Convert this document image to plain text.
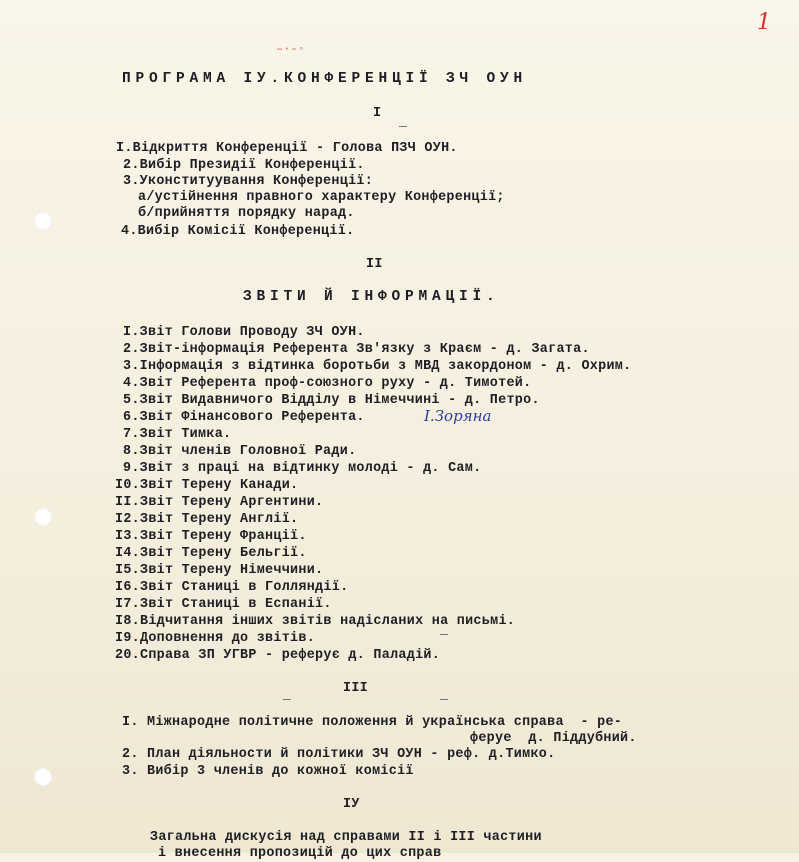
1
–·-◦
ПРОГРАМА ІУ.КОНФЕРЕНЦІЇ ЗЧ ОУН
I
I.Відкриття Конференції - Голова ПЗЧ ОУН.
2.Вибір Президії Конференції.
3.Уконституування Конференції:
а/устійнення правного характеру Конференції;
б/прийняття порядку нарад.
4.Вибір Комісії Конференції.
II
ЗВІТИ Й ІНФОРМАЦІЇ.
I.Звіт Голови Проводу ЗЧ ОУН.
2.Звіт-інформація Референта Зв'язку з Краєм - д. Загата.
3.Інформація з відтинка боротьби з МВД закордоном - д. Охрим.
4.Звіт Референта проф-союзного руху - д. Тимотей.
5.Звіт Видавничого Відділу в Німеччині - д. Петро.
6.Звіт Фінансового Референта.	І.Зоряна
7.Звіт Тимка.
8.Звіт членів Головної Ради.
9.Звіт з праці на відтинку молоді - д. Сам.
I0.Звіт Терену Канади.
II.Звіт Терену Аргентини.
I2.Звіт Терену Англії.
I3.Звіт Терену Франції.
I4.Звіт Терену Бельгії.
I5.Звіт Терену Німеччини.
I6.Звіт Станиці в Голляндії.
I7.Звіт Станиці в Еспанії.
I8.Відчитання інших звітів надісланих на письмі.
I9.Доповнення до звітів.
20.Справа ЗП УГВР - реферує д. Паладій.
III
I. Міжнародне політичне положення й українська справа  - ре-
феруе  д. Піддубний.
2. План діяльности й політики ЗЧ ОУН - реф. д.Тимко.
3. Вибір 3 членів до кожної комісії
ІУ
Загальна дискусія над справами II і III частини
і внесення пропозицій до цих справ
